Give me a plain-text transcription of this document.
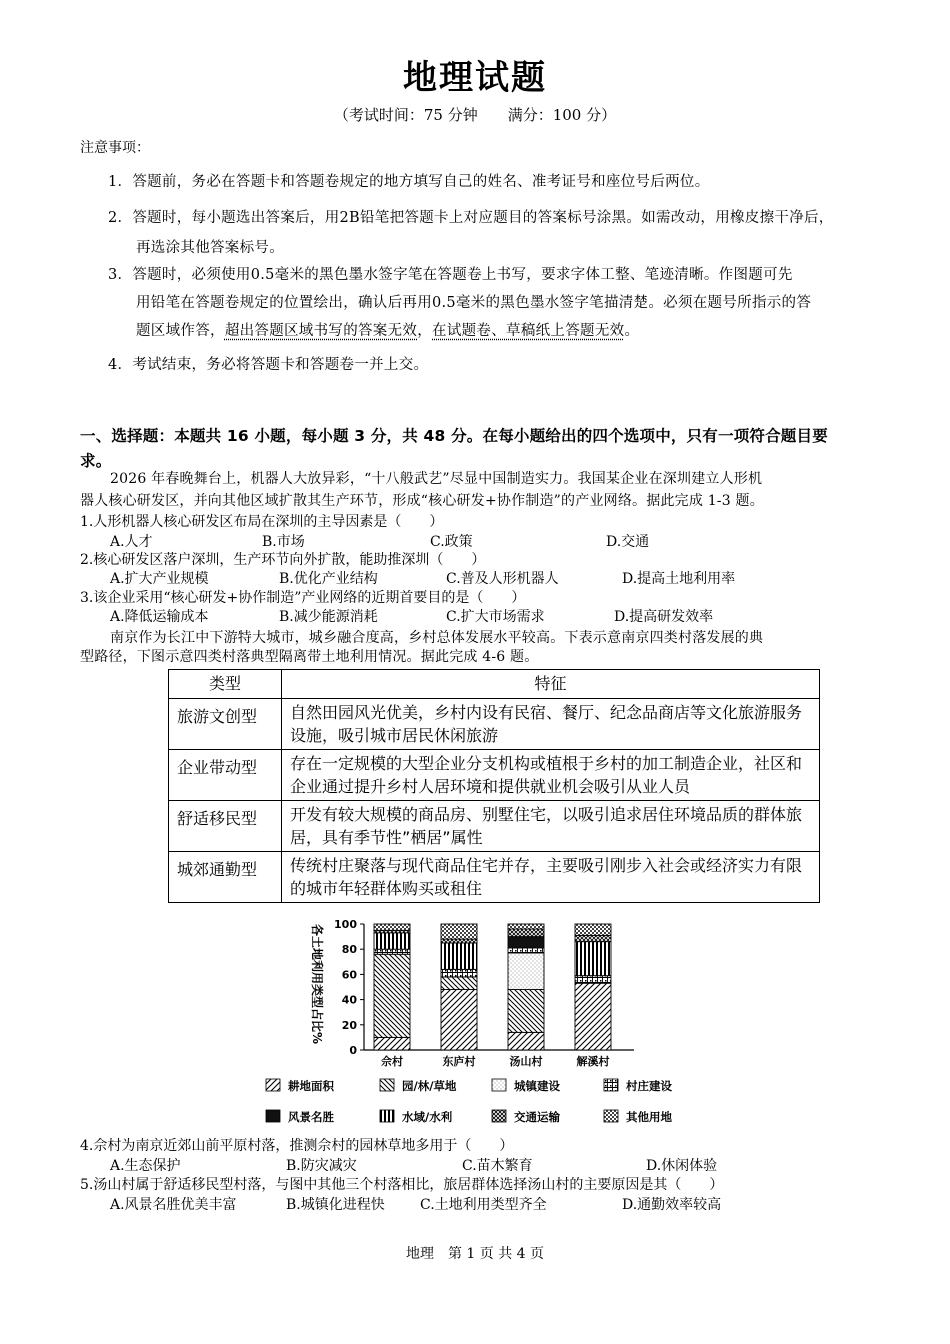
地理试题
（考试时间：75 分钟　　满分：100 分）
注意事项：
1．答题前，务必在答题卡和答题卷规定的地方填写自己的姓名、准考证号和座位号后两位。
2．答题时，每小题选出答案后，用2B铅笔把答题卡上对应题目的答案标号涂黑。如需改动，用橡皮擦干净后，
再选涂其他答案标号。
3．答题时，必须使用0.5毫米的黑色墨水签字笔在答题卷上书写，要求字体工整、笔迹清晰。作图题可先
用铅笔在答题卷规定的位置绘出，确认后再用0.5毫米的黑色墨水签字笔描清楚。必须在题号所指示的答
题区域作答，超出答题区域书写的答案无效，在试题卷、草稿纸上答题无效。
4．考试结束，务必将答题卡和答题卷一并上交。
一、选择题：本题共 16 小题，每小题 3 分，共 48 分。在每小题给出的四个选项中，只有一项符合题目要
求。
2026 年春晚舞台上，机器人大放异彩，“十八般武艺”尽显中国制造实力。我国某企业在深圳建立人形机
器人核心研发区，并向其他区域扩散其生产环节，形成“核心研发+协作制造”的产业网络。据此完成 1-3 题。
1.人形机器人核心研发区布局在深圳的主导因素是（　　）
A.人才	B.市场	C.政策	D.交通
2.核心研发区落户深圳，生产环节向外扩散，能助推深圳（　　）
A.扩大产业规模	B.优化产业结构	C.普及人形机器人	D.提高土地利用率
3.该企业采用“核心研发+协作制造”产业网络的近期首要目的是（　　）
A.降低运输成本	B.减少能源消耗	C.扩大市场需求	D.提高研发效率
南京作为长江中下游特大城市，城乡融合度高，乡村总体发展水平较高。下表示意南京四类村落发展的典
型路径，下图示意四类村落典型隔离带土地利用情况。据此完成 4-6 题。
类型	特征
旅游文创型	自然田园风光优美，乡村内设有民宿、餐厅、纪念品商店等文化旅游服务设施，吸引城市居民休闲旅游
企业带动型	存在一定规模的大型企业分支机构或植根于乡村的加工制造企业，社区和企业通过提升乡村人居环境和提供就业机会吸引从业人员
舒适移民型	开发有较大规模的商品房、别墅住宅，以吸引追求居住环境品质的群体旅居，具有季节性”栖居”属性
城郊通勤型	传统村庄聚落与现代商品住宅并存，主要吸引刚步入社会或经济实力有限的城市年轻群体购买或租住
各土地利用类型占比%
0
20
40
60
80
100
佘村	东庐村	汤山村	解溪村
耕地面积	园/林/草地	城镇建设	村庄建设
风景名胜	水域/水利	交通运输	其他用地
4.佘村为南京近郊山前平原村落，推测佘村的园林草地多用于（　　）
A.生态保护	B.防灾减灾	C.苗木繁育	D.休闲体验
5.汤山村属于舒适移民型村落，与图中其他三个村落相比，旅居群体选择汤山村的主要原因是其（　　）
A.风景名胜优美丰富	B.城镇化进程快	C.土地利用类型齐全	D.通勤效率较高
地理　第 1 页 共 4 页
